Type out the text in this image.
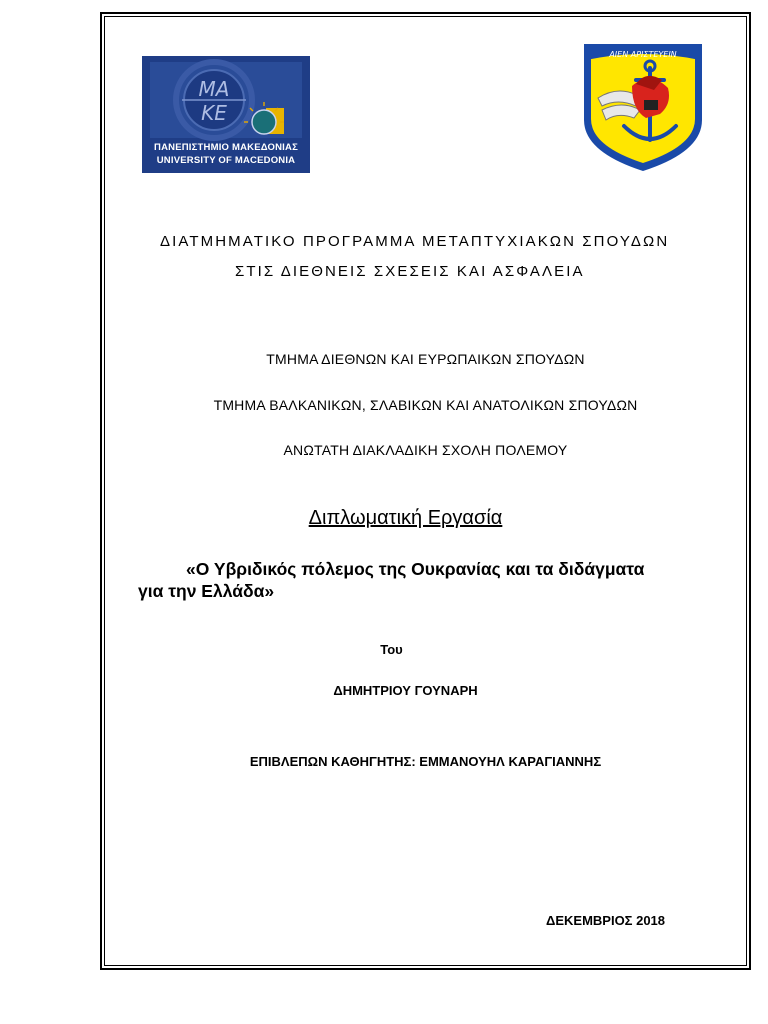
ΜΑ
ΚΕ
ΠΑΝΕΠΙΣΤΗΜΙΟ ΜΑΚΕΔΟΝΙΑΣ
UNIVERSITY OF MACEDONIA
ΑΙΕΝ ΑΡΙΣΤΕΥΕΙΝ
ΔΙΑΤΜΗΜΑΤΙΚΟ ΠΡΟΓΡΑΜΜΑ ΜΕΤΑΠΤΥΧΙΑΚΩΝ ΣΠΟΥΔΩΝ
ΣΤΙΣ ΔΙΕΘΝΕΙΣ ΣΧΕΣΕΙΣ ΚΑΙ ΑΣΦΑΛΕΙΑ
ΤΜΗΜΑ ΔΙΕΘΝΩΝ ΚΑΙ ΕΥΡΩΠΑΙΚΩΝ ΣΠΟΥΔΩΝ
ΤΜΗΜΑ ΒΑΛΚΑΝΙΚΩΝ, ΣΛΑΒΙΚΩΝ ΚΑΙ ΑΝΑΤΟΛΙΚΩΝ ΣΠΟΥΔΩΝ
ΑΝΩΤΑΤΗ ΔΙΑΚΛΑΔΙΚΗ ΣΧΟΛΗ ΠΟΛΕΜΟΥ
Διπλωματική Εργασία
«Ο Υβριδικός πόλεμος της Ουκρανίας και τα διδάγματα
για την Ελλάδα»
Του
ΔΗΜΗΤΡΙΟΥ ΓΟΥΝΑΡΗ
ΕΠΙΒΛΕΠΩΝ ΚΑΘΗΓΗΤΗΣ: ΕΜΜΑΝΟΥΗΛ ΚΑΡΑΓΙΑΝΝΗΣ
ΔΕΚΕΜΒΡΙΟΣ 2018
